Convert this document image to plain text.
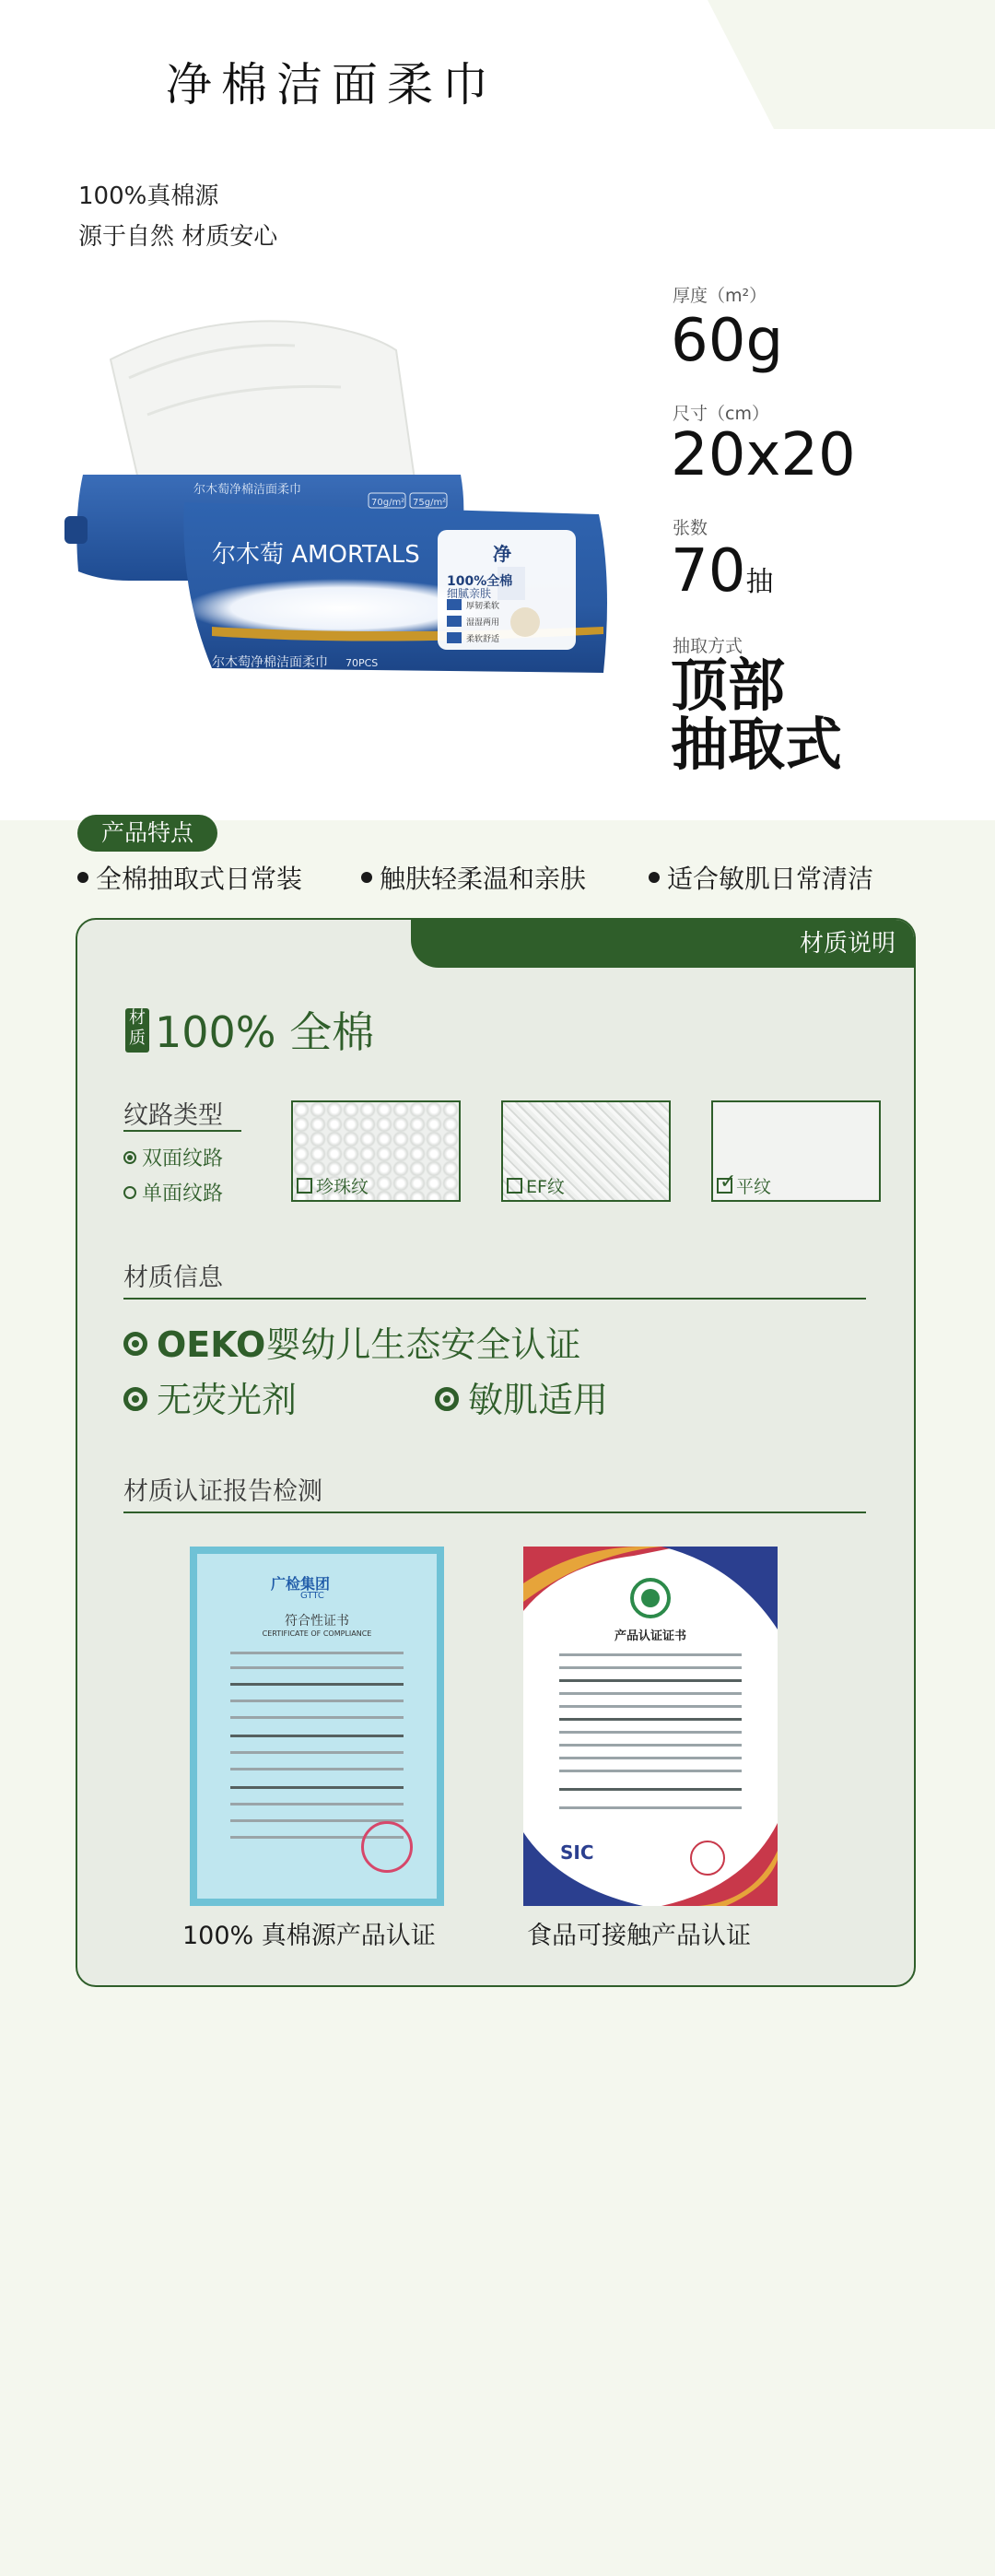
净棉洁面柔巾
100%真棉源
源于自然 材质安心
尔木萄净棉洁面柔巾
70g/m² 75g/m²
尔木萄 AMORTALS
尔木萄净棉洁面柔巾 70PCS
净
100%全棉
细腻亲肤
厚韧柔软
湿湿两用
柔软舒适
厚度（m²）
60g
尺寸（cm）
20x20
张数
70抽
抽取方式
顶部
抽取式
产品特点
全棉抽取式日常装	触肤轻柔温和亲肤	适合敏肌日常清洁
材质说明
材质 100% 全棉
纹路类型
双面纹路
单面纹路	珍珠纹	EF纹
✓	平纹
材质信息
OEKO婴幼儿生态安全认证
无荧光剂	敏肌适用
材质认证报告检测
广检集团
GTTC
符合性证书
CERTIFICATE OF COMPLIANCE
100% 真棉源产品认证
产品认证证书
SIC
食品可接触产品认证
